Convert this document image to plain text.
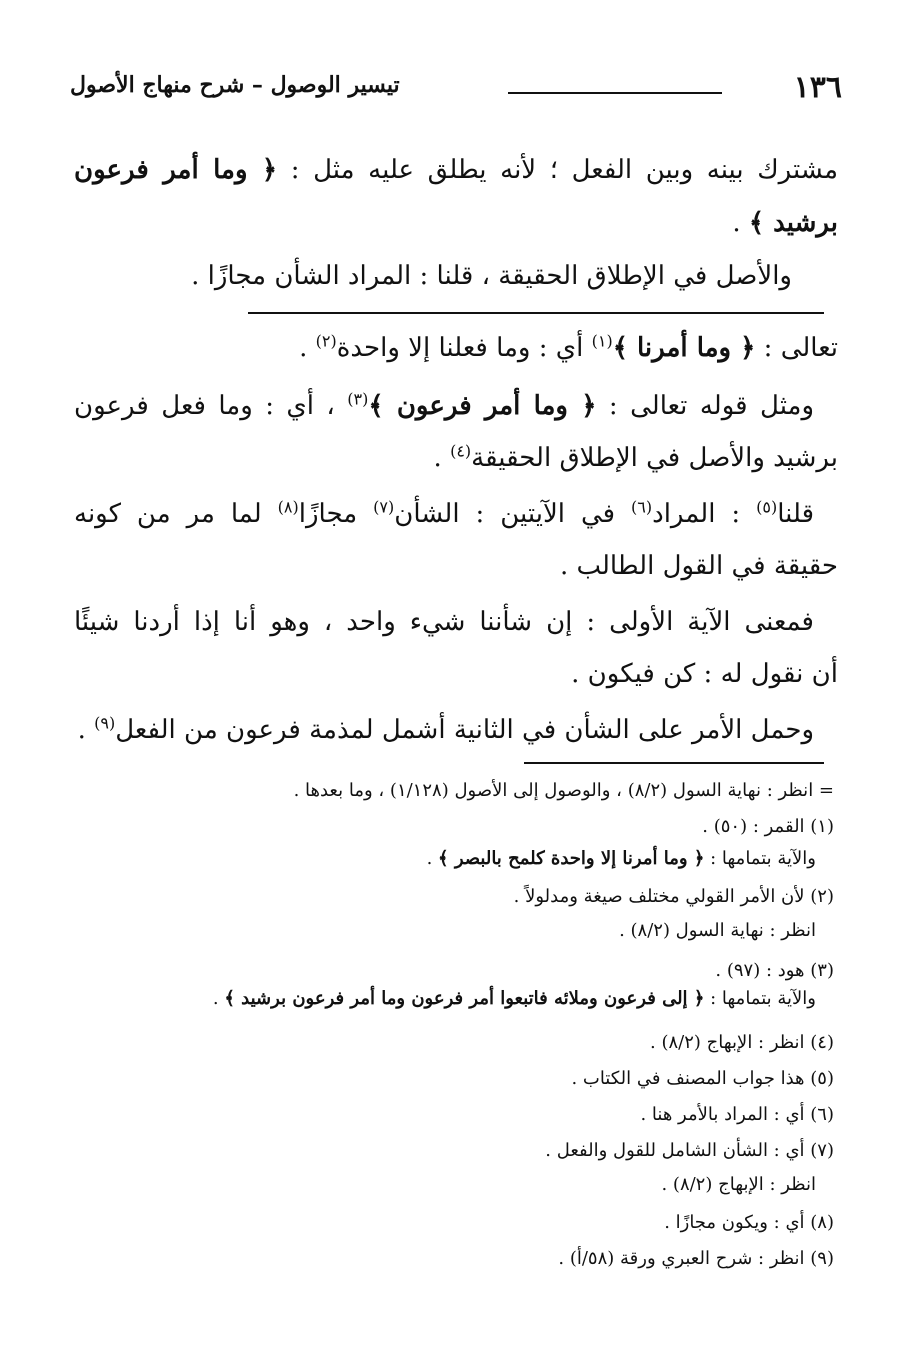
١٣٦
تيسير الوصول – شرح منهاج الأصول
مشترك بينه وبين الفعل ؛ لأنه يطلق عليه مثل : ﴿ وما أمر فرعون
برشيد ﴾ .
والأصل في الإطلاق الحقيقة ، قلنا : المراد الشأن مجازًا .
تعالى : ﴿ وما أمرنا ﴾$^{(١)}$ أي : وما فعلنا إلا واحدة$^{(٢)}$ .
ومثل قوله تعالى : ﴿ وما أمر فرعون ﴾$^{(٣)}$ ، أي : وما فعل فرعون
برشيد والأصل في الإطلاق الحقيقة$^{(٤)}$ .
قلنا$^{(٥)}$ : المراد$^{(٦)}$ في الآيتين : الشأن$^{(٧)}$ مجازًا$^{(٨)}$ لما مر من كونه
حقيقة في القول الطالب .
فمعنى الآية الأولى : إن شأننا شيء واحد ، وهو أنا إذا أردنا شيئًا
أن نقول له : كن فيكون .
وحمل الأمر على الشأن في الثانية أشمل لمذمة فرعون من الفعل$^{(٩)}$ .
= انظر : نهاية السول (٨/٢) ، والوصول إلى الأصول (١/١٢٨) ، وما بعدها .
(١) القمر : (٥٠) .
والآية بتمامها : ﴿ وما أمرنا إلا واحدة كلمح بالبصر ﴾ .
(٢) لأن الأمر القولي مختلف صيغة ومدلولاً .
انظر : نهاية السول (٨/٢) .
(٣) هود : (٩٧) .
والآية بتمامها : ﴿ إلى فرعون وملائه فاتبعوا أمر فرعون وما أمر فرعون برشيد ﴾ .
(٤) انظر : الإبهاج (٨/٢) .
(٥) هذا جواب المصنف في الكتاب .
(٦) أي : المراد بالأمر هنا .
(٧) أي : الشأن الشامل للقول والفعل .
انظر : الإبهاج (٨/٢) .
(٨) أي : ويكون مجازًا .
(٩) انظر : شرح العبري ورقة (٥٨/أ) .
